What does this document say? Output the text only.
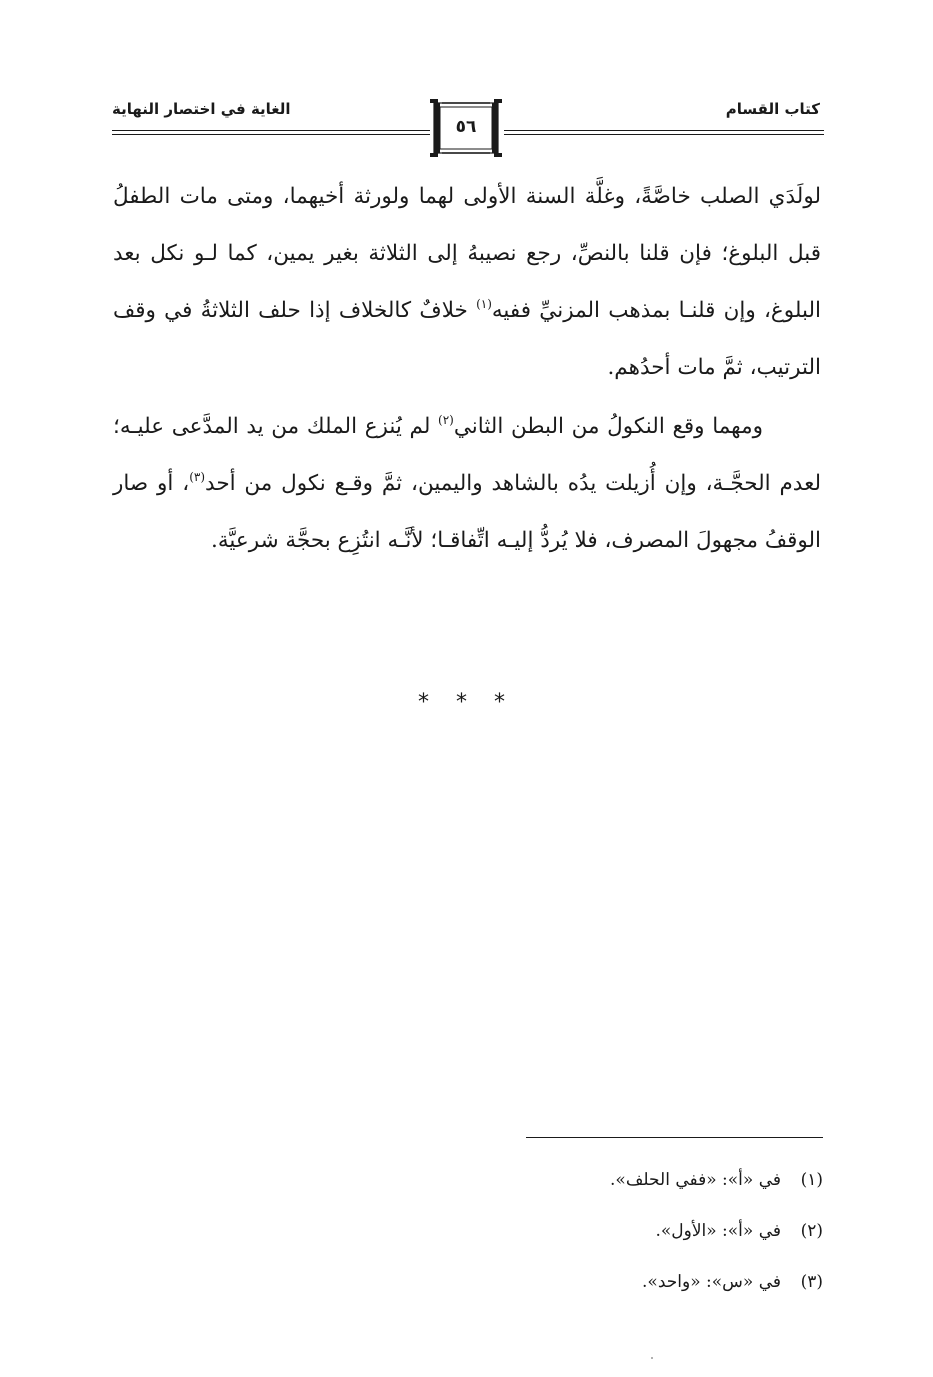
كتاب القسام
الغاية في اختصار النهاية
٥٦

لولَدَي الصلب خاصَّةً، وغلَّة السنة الأولى لهما ولورثة أخيهما، ومتى مات الطفلُ قبل البلوغ؛ فإن قلنا بالنصِّ، رجع نصيبهُ إلى الثلاثة بغير يمين، كما لـو نكل بعد البلوغ، وإن قلنـا بمذهب المزنيِّ ففيه$^{(١)}$ خلافٌ كالخلاف إذا حلف الثلاثةُ في وقف الترتيب، ثمَّ مات أحدُهم.

ومهما وقع النكولُ من البطن الثاني$^{(٢)}$ لم يُنزع الملك من يد المدَّعى عليـه؛ لعدم الحجَّـة، وإن أُزيلت يدُه بالشاهد واليمين، ثمَّ وقـع نكول من أحد$^{(٣)}$، أو صار الوقفُ مجهولَ المصرف، فلا يُردُّ إليـه اتِّفاقـا؛ لأنَّـه انتُزِع بحجَّة شرعيَّة.

* * *
(١)في «أ»: «ففي الحلف».
(٢)في «أ»: «الأول».
(٣)في «س»: «واحد».
